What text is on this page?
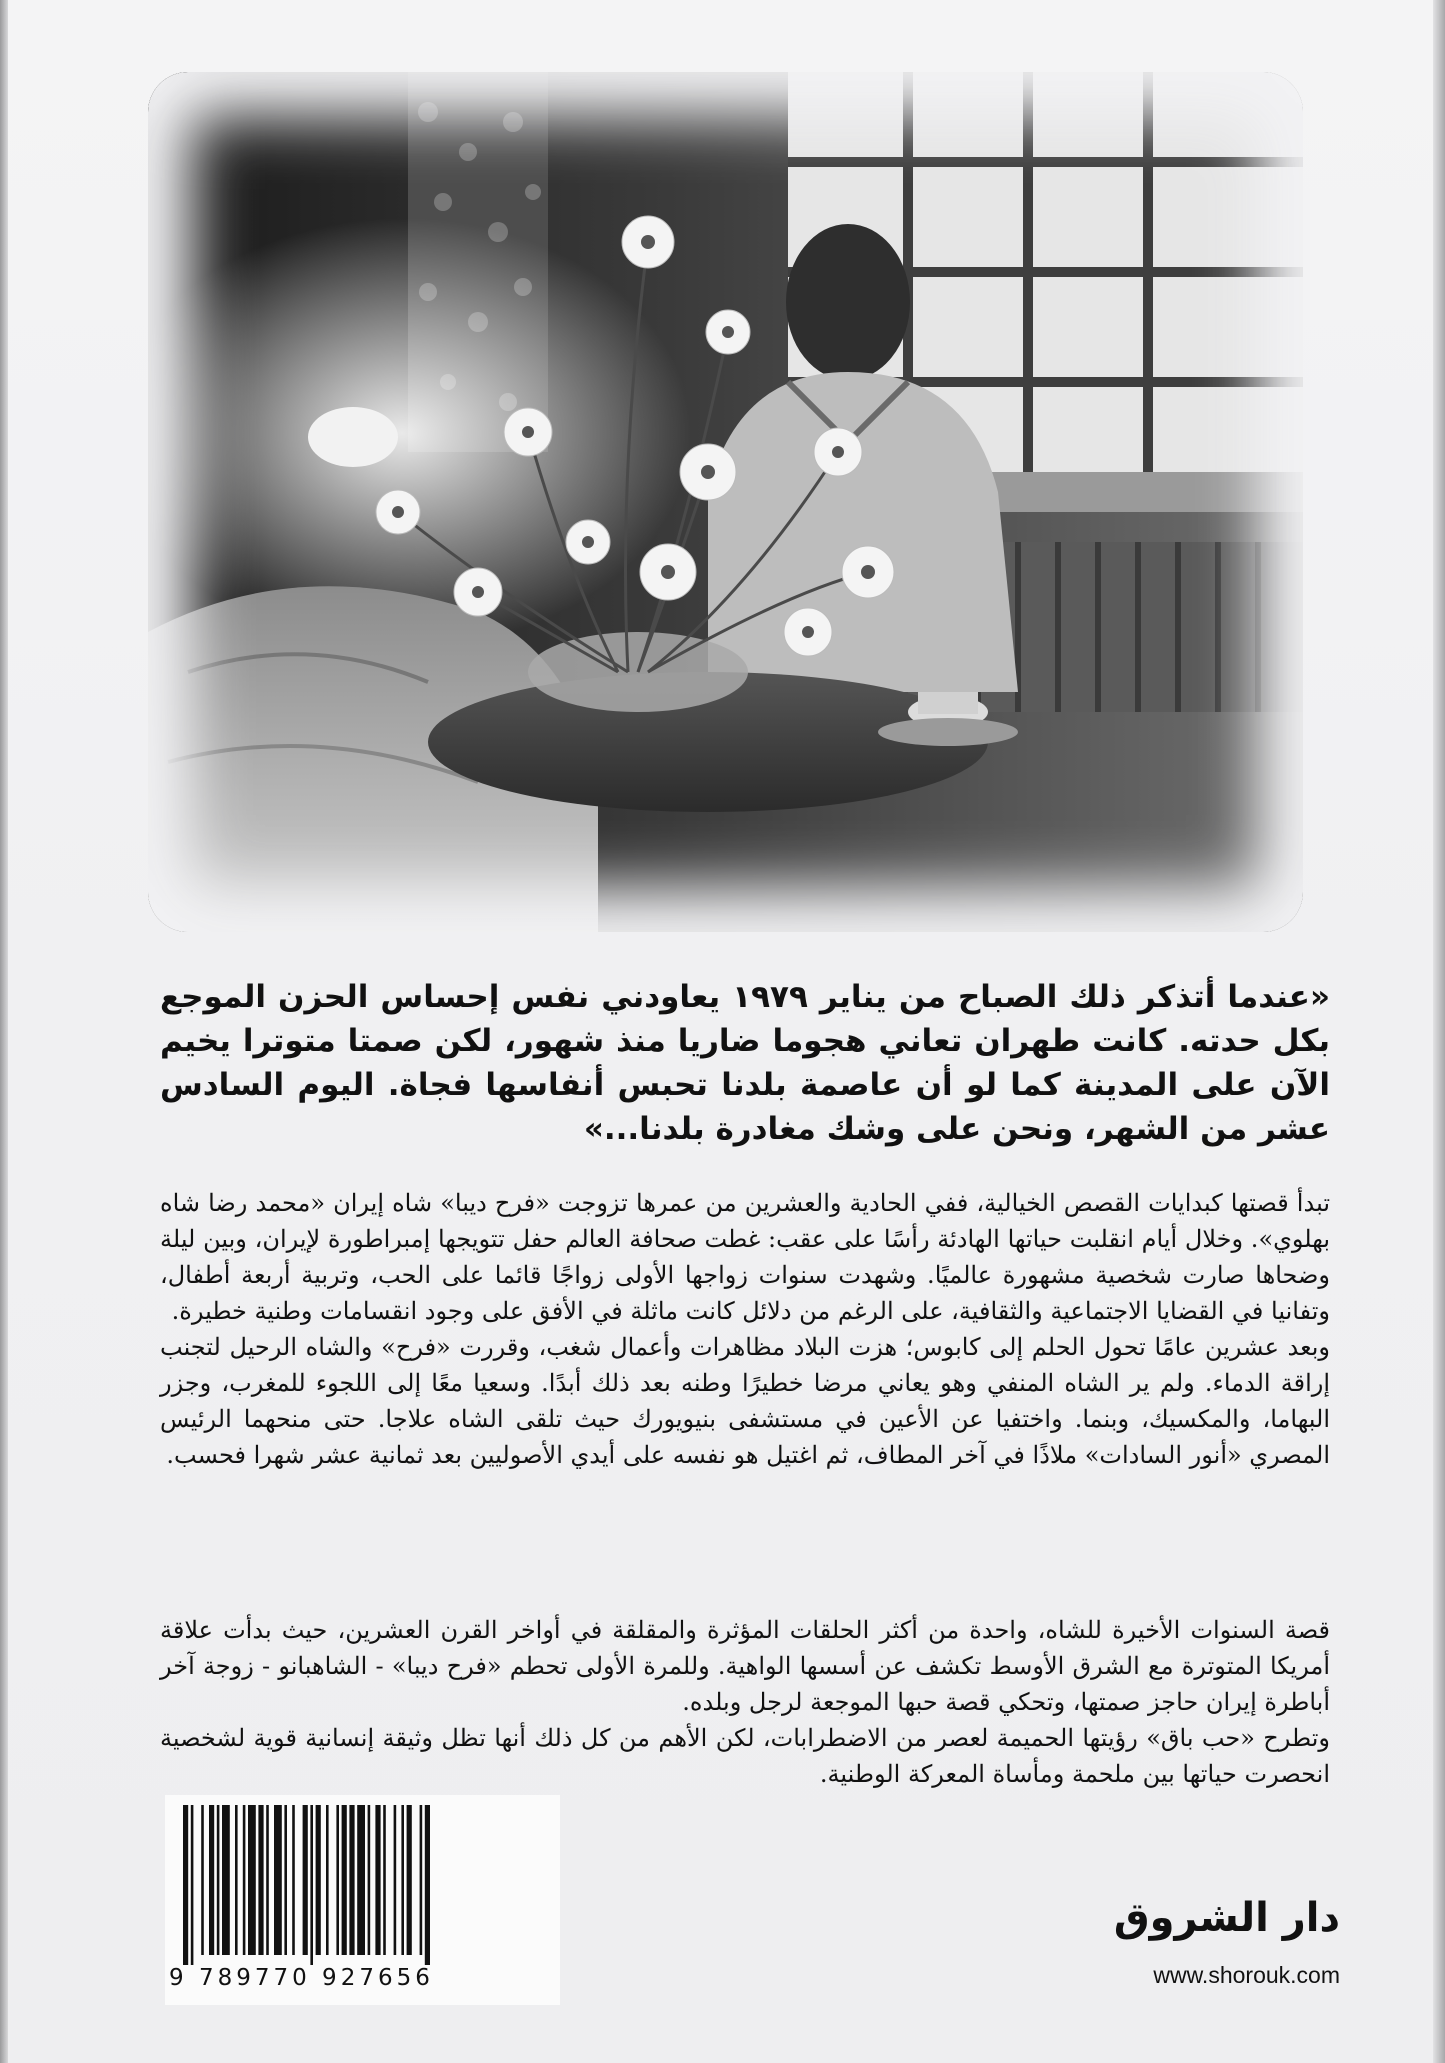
«عندما أتذكر ذلك الصباح من يناير ١٩٧٩ يعاودني نفس إحساس الحزن الموجع بكل حدته. كانت طهران تعاني هجوما ضاريا منذ شهور، لكن صمتا متوترا يخيم الآن على المدينة كما لو أن عاصمة بلدنا تحبس أنفاسها فجاة. اليوم السادس عشر من الشهر، ونحن على وشك مغادرة بلدنا...»
تبدأ قصتها كبدايات القصص الخيالية، ففي الحادية والعشرين من عمرها تزوجت «فرح ديبا» شاه إيران «محمد رضا شاه بهلوي». وخلال أيام انقلبت حياتها الهادئة رأسًا على عقب: غطت صحافة العالم حفل تتويجها إمبراطورة لإيران، وبين ليلة وضحاها صارت شخصية مشهورة عالميًا. وشهدت سنوات زواجها الأولى زواجًا قائما على الحب، وتربية أربعة أطفال، وتفانيا في القضايا الاجتماعية والثقافية، على الرغم من دلائل كانت ماثلة في الأفق على وجود انقسامات وطنية خطيرة.
وبعد عشرين عامًا تحول الحلم إلى كابوس؛ هزت البلاد مظاهرات وأعمال شغب، وقررت «فرح» والشاه الرحيل لتجنب إراقة الدماء. ولم ير الشاه المنفي وهو يعاني مرضا خطيرًا وطنه بعد ذلك أبدًا. وسعيا معًا إلى اللجوء للمغرب، وجزر البهاما، والمكسيك، وبنما. واختفيا عن الأعين في مستشفى بنيويورك حيث تلقى الشاه علاجا. حتى منحهما الرئيس المصري «أنور السادات» ملاذًا في آخر المطاف، ثم اغتيل هو نفسه على أيدي الأصوليين بعد ثمانية عشر شهرا فحسب.
قصة السنوات الأخيرة للشاه، واحدة من أكثر الحلقات المؤثرة والمقلقة في أواخر القرن العشرين، حيث بدأت علاقة أمريكا المتوترة مع الشرق الأوسط تكشف عن أسسها الواهية. وللمرة الأولى تحطم «فرح ديبا» - الشاهبانو - زوجة آخر أباطرة إيران حاجز صمتها، وتحكي قصة حبها الموجعة لرجل وبلده.
وتطرح «حب باق» رؤيتها الحميمة لعصر من الاضطرابات، لكن الأهم من كل ذلك أنها تظل وثيقة إنسانية قوية لشخصية انحصرت حياتها بين ملحمة ومأساة المعركة الوطنية.
9 789770 927656
دار الشروق
www.shorouk.com
